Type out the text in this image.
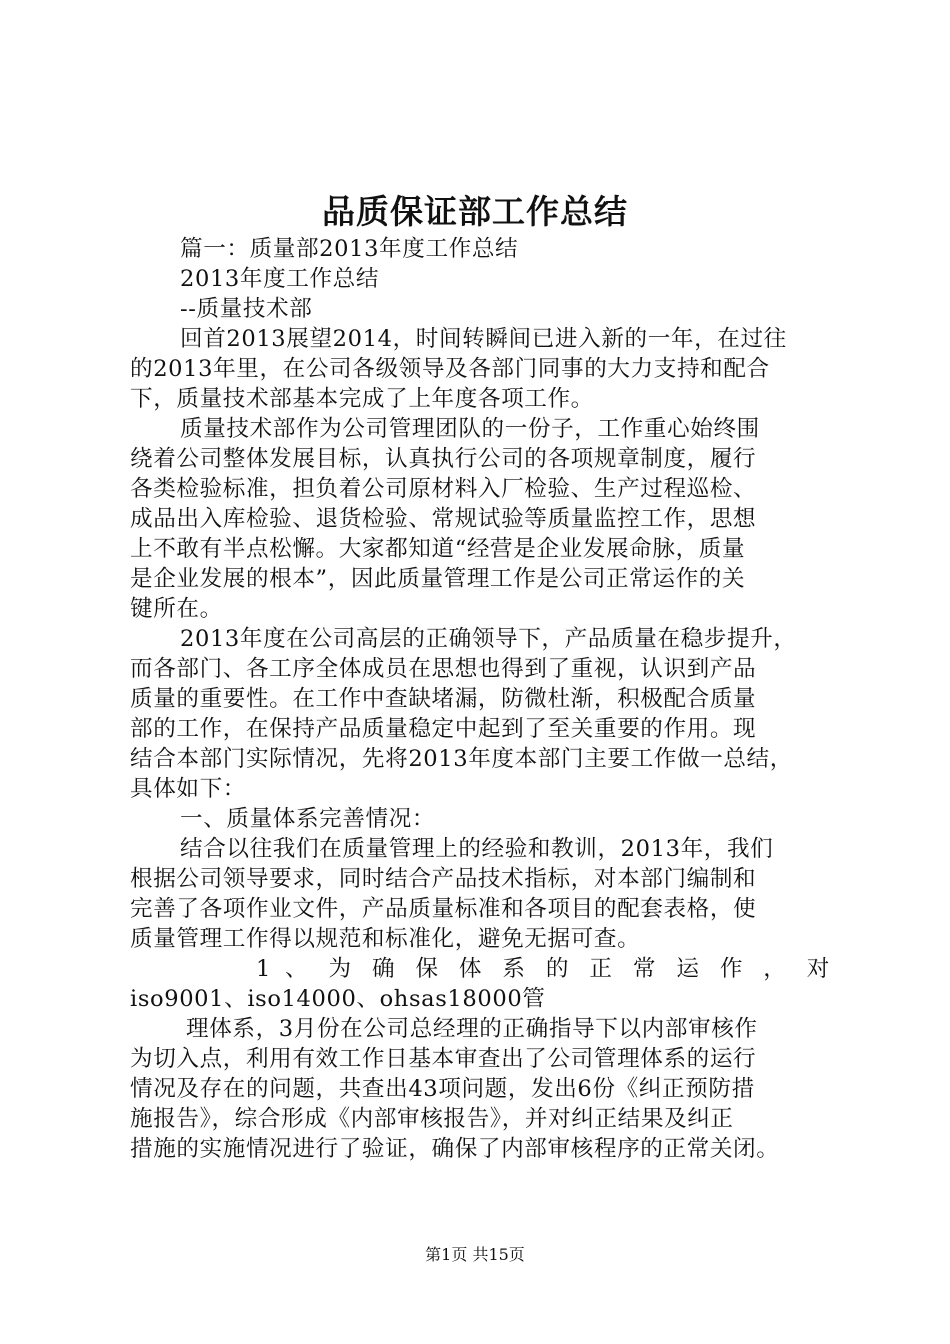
品质保证部工作总结

篇一：质量部2013年度工作总结

2013年度工作总结

--质量技术部

回首2013展望2014，时间转瞬间已进入新的一年，在过往

的2013年里，在公司各级领导及各部门同事的大力支持和配合

下，质量技术部基本完成了上年度各项工作。

质量技术部作为公司管理团队的一份子，工作重心始终围

绕着公司整体发展目标，认真执行公司的各项规章制度，履行

各类检验标准，担负着公司原材料入厂检验、生产过程巡检、

成品出入库检验、退货检验、常规试验等质量监控工作，思想

上不敢有半点松懈。大家都知道“经营是企业发展命脉，质量

是企业发展的根本”，因此质量管理工作是公司正常运作的关

键所在。

2013年度在公司高层的正确领导下，产品质量在稳步提升，

而各部门、各工序全体成员在思想也得到了重视，认识到产品

质量的重要性。在工作中查缺堵漏，防微杜渐，积极配合质量

部的工作，在保持产品质量稳定中起到了至关重要的作用。现

结合本部门实际情况，先将2013年度本部门主要工作做一总结，

具体如下：

一、质量体系完善情况：

结合以往我们在质量管理上的经验和教训，2013年，我们

根据公司领导要求，同时结合产品技术指标，对本部门编制和

完善了各项作业文件，产品质量标准和各项目的配套表格，使

质量管理工作得以规范和标准化，避免无据可查。

1 、 为 确 保 体 系 的 正 常 运 作 ， 对

iso9001、iso14000、ohsas18000管

理体系，3月份在公司总经理的正确指导下以内部审核作

为切入点，利用有效工作日基本审查出了公司管理体系的运行

情况及存在的问题，共查出43项问题，发出6份《纠正预防措

施报告》，综合形成《内部审核报告》，并对纠正结果及纠正

措施的实施情况进行了验证，确保了内部审核程序的正常关闭。

第1页 共15页
